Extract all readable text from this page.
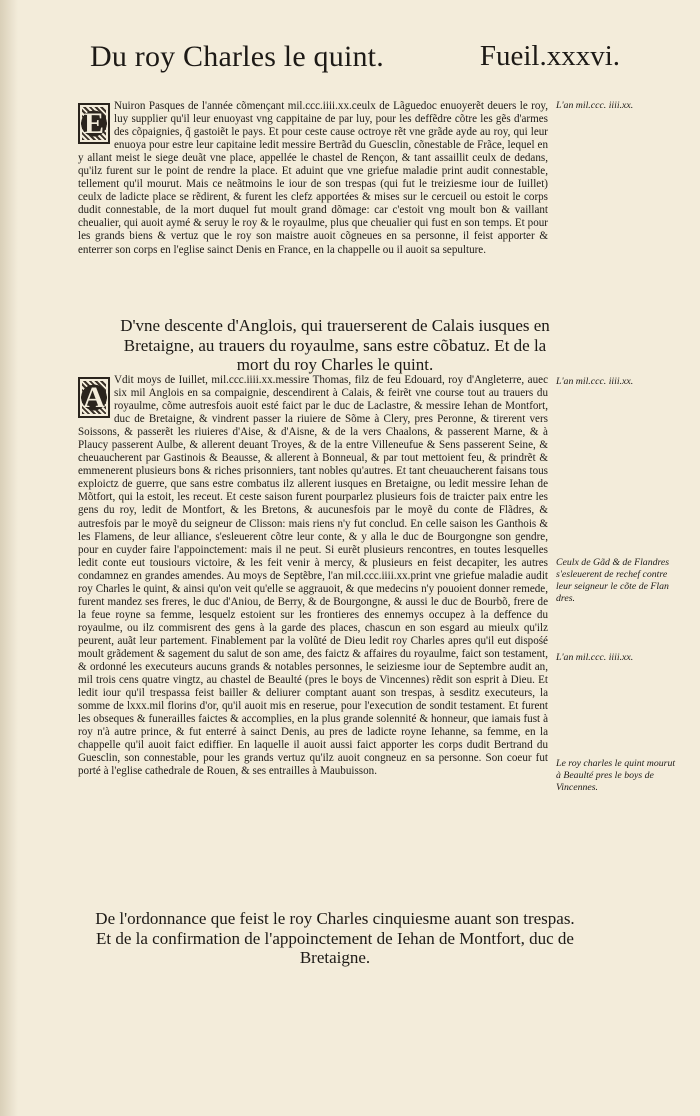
Du roy Charles le quint.	Fueil.xxxvi.

E
Nuiron Pasques de l'année cõmençant mil.ccc.iiii.xx.ceulx de Lãguedoc enuoyerẽt deuers le roy, luy supplier qu'il leur enuoyast vng cappitaine de par luy, pour les deffẽdre cõtre les gẽs d'armes des cõpaignies, q̃ gastoiẽt le pays. Et pour ceste cause octroye rẽt vne grãde ayde au roy, qui leur enuoya pour estre leur capitaine ledit messire Bertrãd du Guesclin, cõnestable de Frãce, lequel en y allant meist le siege deuãt vne place, appellée le chastel de Rençon, & tant assaillit ceulx de dedans, qu'ilz furent sur le point de rendre la place. Et aduint que vne griefue maladie print audit connestable, tellement qu'il mourut. Mais ce neãtmoins le iour de son trespas (qui fut le treiziesme iour de Iuillet) ceulx de ladicte place se rẽdirent, & furent les clefz apportées & mises sur le cercueil ou estoit le corps dudit connestable, de la mort duquel fut moult grand dõmage: car c'estoit vng moult bon & vaillant cheualier, qui auoit aymé & seruy le roy & le royaulme, plus que cheualier qui fust en son temps. Et pour les grands biens & vertuz que le roy son maistre auoit cõgneues en sa personne, il feist apporter & enterrer son corps en l'eglise sainct Denis en France, en la chappelle ou il auoit sa sepulture.

L'an mil.ccc. iiii.xx.
D'vne descente d'Anglois, qui trauerserent de Calais iusques en Bretaigne, au trauers du royaulme, sans estre cõbatuz. Et de la mort du roy Charles le quint.

A
Vdit moys de Iuillet, mil.ccc.iiii.xx.messire Thomas, filz de feu Edouard, roy d'Angleterre, auec six mil Anglois en sa compaignie, descendirent à Calais, & feirẽt vne course tout au trauers du royaulme, cõme autresfois auoit esté faict par le duc de Laclastre, & messire Iehan de Montfort, duc de Bretaigne, & vindrent passer la riuiere de Sõme à Clery, pres Peronne, & tirerent vers Soissons, & passerẽt les riuieres d'Aise, & d'Aisne, & de la vers Chaalons, & passerent Marne, & à Plaucy passerent Aulbe, & allerent deuant Troyes, & de la entre Villeneufue & Sens passerent Seine, & cheuaucherent par Gastinois & Beausse, & allerent à Bonneual, & par tout mettoient feu, & prindrẽt & emmenerent plusieurs bons & riches prisonniers, tant nobles qu'autres. Et tant cheuaucherent faisans tous exploictz de guerre, que sans estre combatus ilz allerent iusques en Bretaigne, ou ledit messire Iehan de Mõtfort, qui la estoit, les receut. Et ceste saison furent pourparlez plusieurs fois de traicter paix entre les gens du roy, ledit de Montfort, & les Bretons, & aucunesfois par le moyẽ du conte de Flãdres, & autresfois par le moyẽ du seigneur de Clisson: mais riens n'y fut conclud. En celle saison les Ganthois & les Flamens, de leur alliance, s'esleuerent cõtre leur conte, & y alla le duc de Bourgongne son gendre, pour en cuyder faire l'appoinctement: mais il ne peut. Si eurẽt plusieurs rencontres, en toutes lesquelles ledit conte eut tousiours victoire, & les feit venir à mercy, & plusieurs en feist decapiter, les autres condamnez en grandes amendes. Au moys de Septẽbre, l'an mil.ccc.iiii.xx.print vne griefue maladie audit roy Charles le quint, & ainsi qu'on veit qu'elle se aggrauoit, & que medecins n'y pouoient donner remede, furent mandez ses freres, le duc d'Aniou, de Berry, & de Bourgongne, & aussi le duc de Bourbõ, frere de la feue royne sa femme, lesquelz estoient sur les frontieres des ennemys occupez à la deffence du royaulme, ou ilz commisrent des gens à la garde des places, chascun en son esgard au mieulx qu'ilz peurent, auãt leur partement. Finablement par la volũté de Dieu ledit roy Charles apres qu'il eut dispośé moult grãdement & sagement du salut de son ame, des faictz & affaires du royaulme, faict son testament, & ordonné les executeurs aucuns grands & notables personnes, le seiziesme iour de Septembre audit an, mil trois cens quatre vingtz, au chastel de Beaulté (pres le boys de Vincennes) rẽdit son esprit à Dieu. Et ledit iour qu'il trespassa feist bailler & deliurer comptant auant son trespas, à sesditz executeurs, la somme de lxxx.mil florins d'or, qu'il auoit mis en reserue, pour l'execution de sondit testament. Et furent les obseques & funerailles faictes & accomplies, en la plus grande solennité & honneur, que iamais fust à roy n'à autre prince, & fut enterré à sainct Denis, au pres de ladicte royne Iehanne, sa femme, en la chappelle qu'il auoit faict ediffier. En laquelle il auoit aussi faict apporter les corps dudit Bertrand du Guesclin, son connestable, pour les grands vertuz qu'ilz auoit congneuz en sa personne. Son coeur fut porté à l'eglise cathedrale de Rouen, & ses entrailles à Maubuisson.

L'an mil.ccc. iiii.xx.
Ceulx de Gãd & de Flandres s'esleuerent de rechef contre leur seigneur le cõte de Flan dres.
L'an mil.ccc. iiii.xx.
Le roy charles le quint mourut à Beaulté pres le boys de Vincennes.
De l'ordonnance que feist le roy Charles cinquiesme auant son trespas. Et de la confirmation de l'appoinctement de Iehan de Montfort, duc de Bretaigne.
